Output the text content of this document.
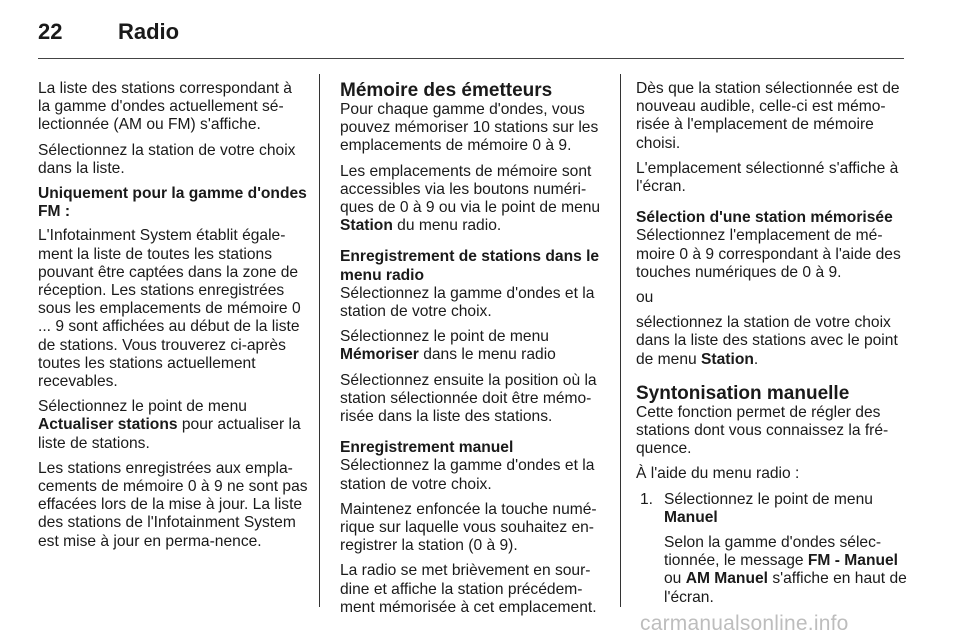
22	Radio

La liste des stations correspondant à la gamme d'ondes actuellement sé-lectionnée (AM ou FM) s'affiche.

Sélectionnez la station de votre choix dans la liste.

Uniquement pour la gamme d'ondes FM :

L'Infotainment System établit égale-ment la liste de toutes les stations pouvant être captées dans la zone de réception. Les stations enregistrées sous les emplacements de mémoire 0 ... 9 sont affichées au début de la liste de stations. Vous trouverez ci-après toutes les stations actuellement recevables.

Sélectionnez le point de menu Actualiser stations pour actualiser la liste de stations.

Les stations enregistrées aux empla-cements de mémoire 0 à 9 ne sont pas effacées lors de la mise à jour. La liste des stations de l'Infotainment System est mise à jour en perma-nence.

Mémoire des émetteurs

Pour chaque gamme d'ondes, vous pouvez mémoriser 10 stations sur les emplacements de mémoire 0 à 9.

Les emplacements de mémoire sont accessibles via les boutons numéri-ques de 0 à 9 ou via le point de menu Station du menu radio.

Enregistrement de stations dans le menu radio

Sélectionnez la gamme d'ondes et la station de votre choix.

Sélectionnez le point de menu Mémoriser dans le menu radio

Sélectionnez ensuite la position où la station sélectionnée doit être mémo-risée dans la liste des stations.

Enregistrement manuel

Sélectionnez la gamme d'ondes et la station de votre choix.

Maintenez enfoncée la touche numé-rique sur laquelle vous souhaitez en-registrer la station (0 à 9).

La radio se met brièvement en sour-dine et affiche la station précédem-ment mémorisée à cet emplacement.

Dès que la station sélectionnée est de nouveau audible, celle-ci est mémo-risée à l'emplacement de mémoire choisi.

L'emplacement sélectionné s'affiche à l'écran.

Sélection d'une station mémorisée

Sélectionnez l'emplacement de mé-moire 0 à 9 correspondant à l'aide des touches numériques de 0 à 9.

ou

sélectionnez la station de votre choix dans la liste des stations avec le point de menu Station.

Syntonisation manuelle

Cette fonction permet de régler des stations dont vous connaissez la fré-quence.

À l'aide du menu radio :

1. Sélectionnez le point de menu Manuel

Selon la gamme d'ondes sélec-tionnée, le message FM - Manuel ou AM Manuel s'affiche en haut de l'écran.

carmanualsonline.info
